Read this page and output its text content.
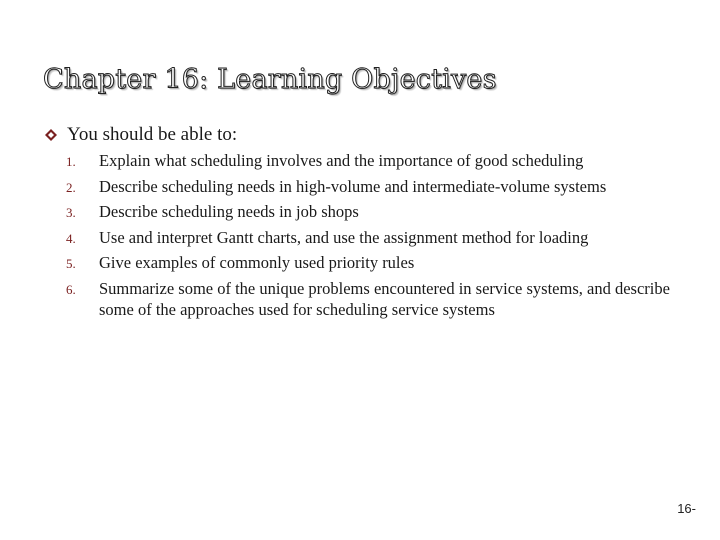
Chapter 16: Learning Objectives
You should be able to:
1.	Explain what scheduling involves and the importance of good scheduling
2.	Describe scheduling needs in high-volume and intermediate-volume systems
3.	Describe scheduling needs in job shops
4.	Use and interpret Gantt charts, and use the assignment method for loading
5.	Give examples of commonly used priority rules
6.	Summarize some of the unique problems encountered in service systems, and describe some of the approaches used for scheduling service systems
16-
